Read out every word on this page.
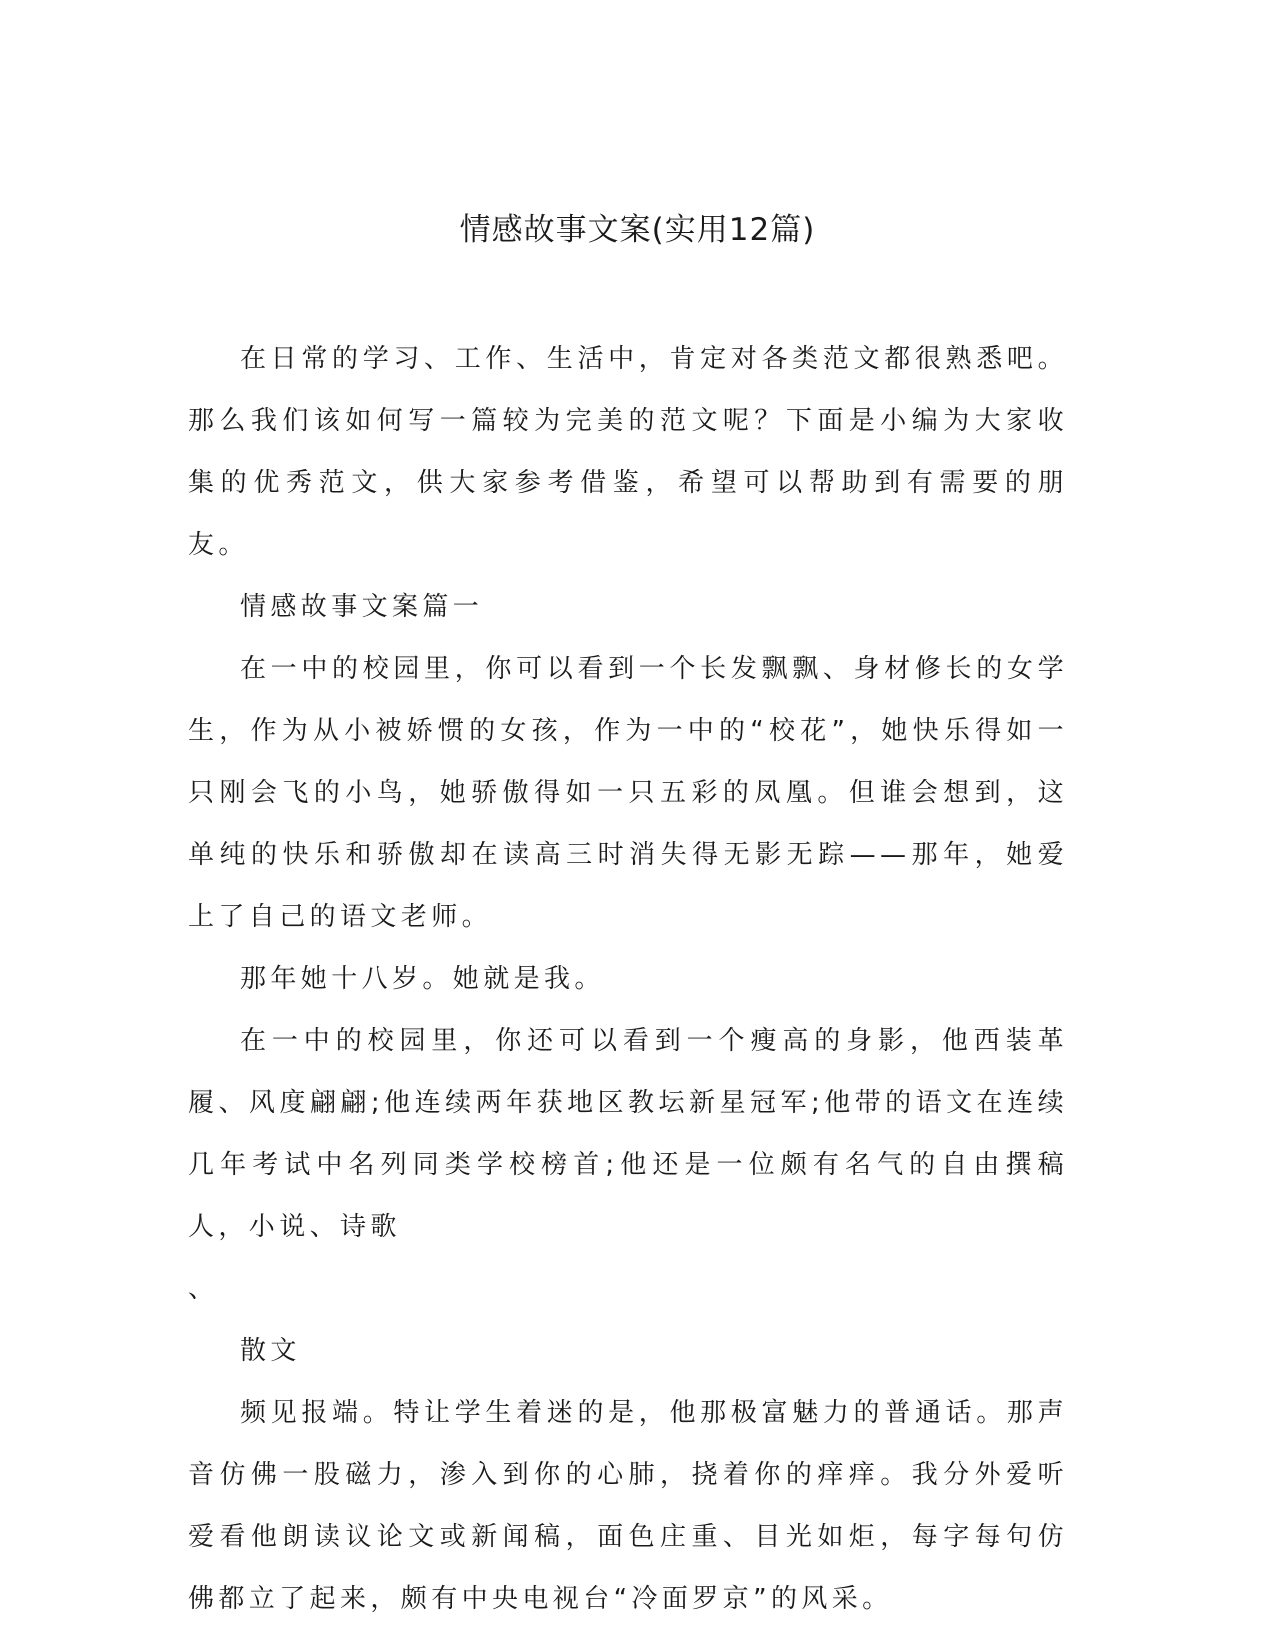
情感故事文案(实用12篇)

在日常的学习、工作、生活中，肯定对各类范文都很熟悉吧。那么我们该如何写一篇较为完美的范文呢？下面是小编为大家收集的优秀范文，供大家参考借鉴，希望可以帮助到有需要的朋友。

情感故事文案篇一

在一中的校园里，你可以看到一个长发飘飘、身材修长的女学生，作为从小被娇惯的女孩，作为一中的“校花”，她快乐得如一只刚会飞的小鸟，她骄傲得如一只五彩的凤凰。但谁会想到，这单纯的快乐和骄傲却在读高三时消失得无影无踪——那年，她爱上了自己的语文老师。

那年她十八岁。她就是我。

在一中的校园里，你还可以看到一个瘦高的身影，他西装革履、风度翩翩;他连续两年获地区教坛新星冠军;他带的语文在连续几年考试中名列同类学校榜首;他还是一位颇有名气的自由撰稿人，小说、诗歌

、

散文

频见报端。特让学生着迷的是，他那极富魅力的普通话。那声音仿佛一股磁力，渗入到你的心肺，挠着你的痒痒。我分外爱听爱看他朗读议论文或新闻稿，面色庄重、目光如炬，每字每句仿佛都立了起来，颇有中央电视台“冷面罗京”的风采。
